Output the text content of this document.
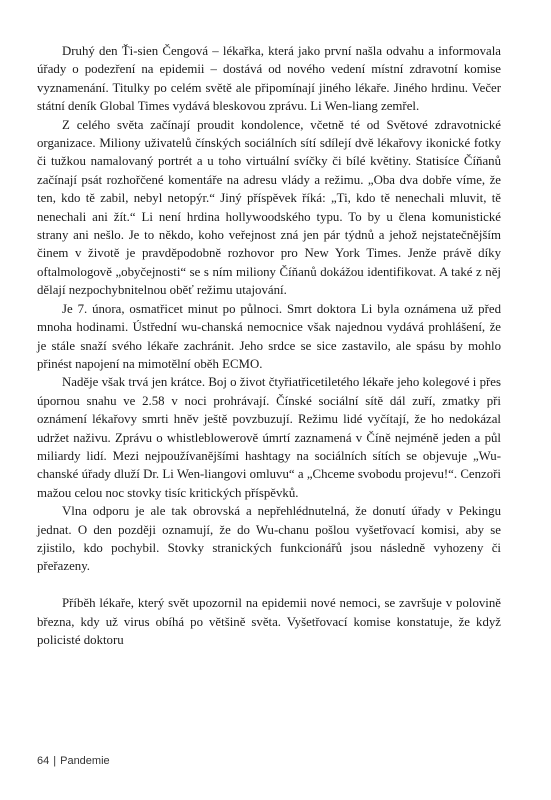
Druhý den Ťi-sien Čengová – lékařka, která jako první našla odvahu a informovala úřady o podezření na epidemii – dostává od nového vedení místní zdravotní komise vyznamenání. Titulky po celém světě ale připomínají jiného lékaře. Jiného hrdinu. Večer státní deník Global Times vydává bleskovou zprávu. Li Wen-liang zemřel.

Z celého světa začínají proudit kondolence, včetně té od Světové zdravotnické organizace. Miliony uživatelů čínských sociálních sítí sdílejí dvě lékařovy ikonické fotky či tužkou namalovaný portrét a u toho virtuální svíčky či bílé květiny. Statisíce Číňanů začínají psát rozhořčené komentáře na adresu vlády a režimu. „Oba dva dobře víme, že ten, kdo tě zabil, nebyl netopýr.“ Jiný příspěvek říká: „Ti, kdo tě nenechali mluvit, tě nenechali ani žít.“ Li není hrdina hollywoodského typu. To by u člena komunistické strany ani nešlo. Je to někdo, koho veřejnost zná jen pár týdnů a jehož nejstatečnějším činem v životě je pravděpodobně rozhovor pro New York Times. Jenže právě díky oftalmologově „obyčejnosti“ se s ním miliony Číňanů dokážou identifikovat. A také z něj dělají nezpochybnitelnou oběť režimu utajování.

Je 7. února, osmatřicet minut po půlnoci. Smrt doktora Li byla oznámena už před mnoha hodinami. Ústřední wu-chanská nemocnice však najednou vydává prohlášení, že je stále snaží svého lékaře zachránit. Jeho srdce se sice zastavilo, ale spásu by mohlo přinést napojení na mimotělní oběh ECMO.

Naděje však trvá jen krátce. Boj o život čtyřiatřicetiletého lékaře jeho kolegové i přes úpornou snahu ve 2.58 v noci prohrávají. Čínské sociální sítě dál zuří, zmatky při oznámení lékařovy smrti hněv ještě povzbuzují. Režimu lidé vyčítají, že ho nedokázal udržet naživu. Zprávu o whistleblowerově úmrtí zaznamená v Číně nejméně jeden a půl miliardy lidí. Mezi nejpoužívanějšími hashtagy na sociálních sítích se objevuje „Wu-chanské úřady dluží Dr. Li Wen-liangovi omluvu“ a „Chceme svobodu projevu!“. Cenzoři mažou celou noc stovky tisíc kritických příspěvků.

Vlna odporu je ale tak obrovská a nepřehlédnutelná, že donutí úřady v Pekingu jednat. O den později oznamují, že do Wu-chanu pošlou vyšetřovací komisi, aby se zjistilo, kdo pochybil. Stovky stranických funkcionářů jsou následně vyhozeny či přeřazeny.

Příběh lékaře, který svět upozornil na epidemii nové nemoci, se završuje v polovině března, kdy už virus obíhá po většině světa. Vyšetřovací komise konstatuje, že když policisté doktoru

64 | Pandemie
